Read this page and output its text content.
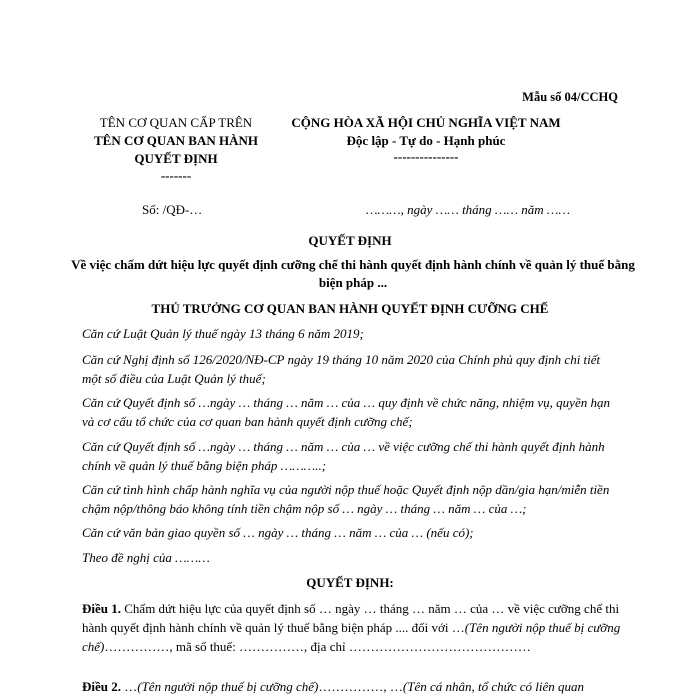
Mẫu số 04/CCHQ
TÊN CƠ QUAN CẤP TRÊN
TÊN CƠ QUAN BAN HÀNH
QUYẾT ĐỊNH
-------
CỘNG HÒA XÃ HỘI CHỦ NGHĨA VIỆT NAM
Độc lập - Tự do - Hạnh phúc
---------------
Số: /QĐ-…	………, ngày …… tháng …… năm ……
QUYẾT ĐỊNH
Về việc chấm dứt hiệu lực quyết định cưỡng chế thi hành quyết định hành chính về quản lý thuế bằng biện pháp ...
THỦ TRƯỞNG CƠ QUAN BAN HÀNH QUYẾT ĐỊNH CƯỠNG CHẾ
Căn cứ Luật Quản lý thuế ngày 13 tháng 6 năm 2019;
Căn cứ Nghị định số 126/2020/NĐ-CP ngày 19 tháng 10 năm 2020 của Chính phủ quy định chi tiết một số điều của Luật Quản lý thuế;
Căn cứ Quyết định số …ngày … tháng … năm … của … quy định về chức năng, nhiệm vụ, quyền hạn và cơ cấu tổ chức của cơ quan ban hành quyết định cưỡng chế;
Căn cứ Quyết định số …ngày … tháng … năm … của … về việc cưỡng chế thi hành quyết định hành chính về quản lý thuế bằng biện pháp ………..;
Căn cứ tình hình chấp hành nghĩa vụ của người nộp thuế hoặc Quyết định nộp dần/gia hạn/miễn tiền chậm nộp/thông báo không tính tiền chậm nộp số … ngày … tháng … năm … của …;
Căn cứ văn bản giao quyền số … ngày … tháng … năm … của … (nếu có);
Theo đề nghị của ………
QUYẾT ĐỊNH:
Điều 1. Chấm dứt hiệu lực của quyết định số … ngày … tháng … năm … của … về việc cưỡng chế thi hành quyết định hành chính về quản lý thuế bằng biện pháp .... đối với …(Tên người nộp thuế bị cưỡng chế)……………, mã số thuế: ……………, địa chỉ ……………………………………
Điều 2. …(Tên người nộp thuế bị cưỡng chế)……………, …(Tên cá nhân, tổ chức có liên quan
